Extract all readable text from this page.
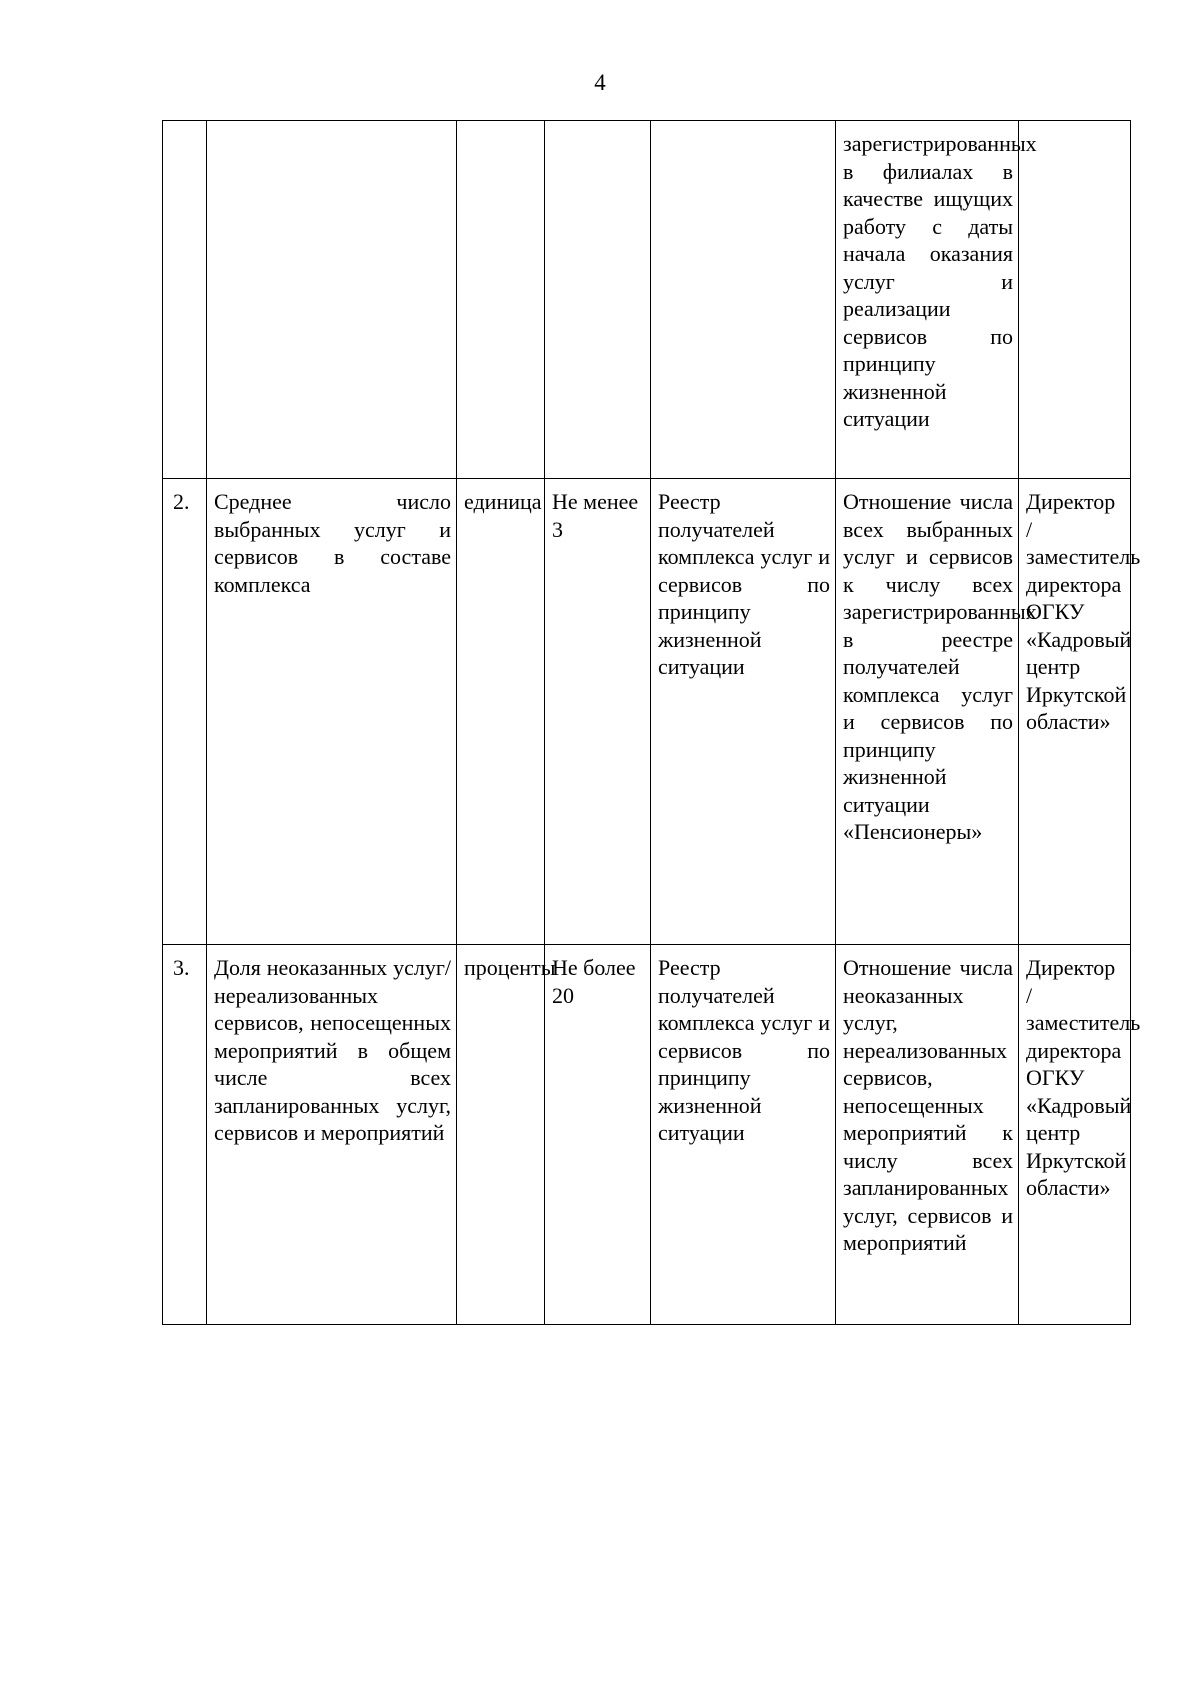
4

					зарегистрированных в филиалах в качестве ищущих работу с даты начала оказания услуг и реализации сервисов по принципу жизненной ситуации	

2.	Среднее число выбранных услуг и сервисов в составе комплекса	единица	Не менее 3	Реестр получателей комплекса услуг и сервисов по принципу жизненной ситуации	Отношение числа всех выбранных услуг и сервисов к числу всех зарегистрированных в реестре получателей комплекса услуг и сервисов по принципу жизненной ситуации «Пенсионеры»	Директор / заместитель директора ОГКУ «Кадровый центр Иркутской области»

3.	Доля неоказанных услуг/ нереализованных сервисов, непосещенных мероприятий в общем числе всех запланированных услуг, сервисов и мероприятий	проценты	Не более 20	Реестр получателей комплекса услуг и сервисов по принципу жизненной ситуации	Отношение числа неоказанных услуг, нереализованных сервисов, непосещенных мероприятий к числу всех запланированных услуг, сервисов и мероприятий	Директор / заместитель директора ОГКУ «Кадровый центр Иркутской области»
